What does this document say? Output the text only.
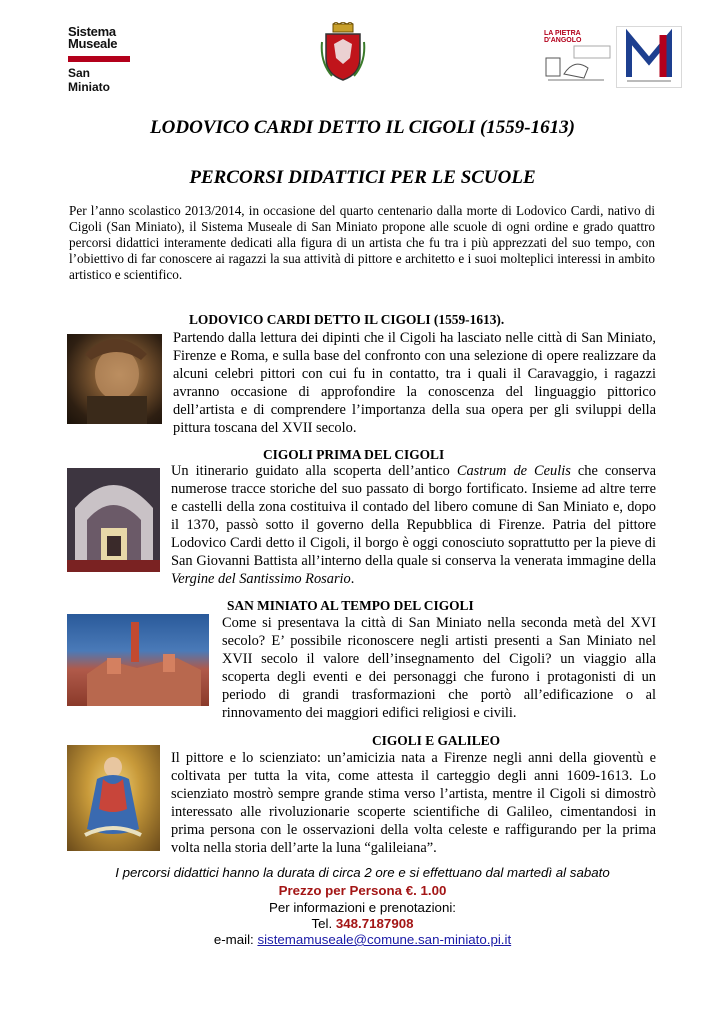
Sistema
Museale
San Miniato
LA PIETRA D'ANGOLO
LODOVICO CARDI DETTO IL CIGOLI (1559-1613)
PERCORSI DIDATTICI PER LE SCUOLE
Per l’anno scolastico 2013/2014, in occasione del quarto centenario dalla morte di Lodovico Cardi, nativo di Cigoli (San Miniato), il Sistema Museale di San Miniato propone alle scuole di ogni ordine e grado quattro percorsi didattici interamente dedicati alla figura di un artista che fu tra i più apprezzati del suo tempo, con l’obiettivo di far conoscere ai ragazzi la sua attività di pittore e architetto e i suoi molteplici interessi in ambito artistico e scientifico.
LODOVICO CARDI DETTO IL CIGOLI (1559-1613).
Partendo dalla lettura dei dipinti che il Cigoli ha lasciato nelle città di San Miniato, Firenze e Roma, e sulla base del confronto con una selezione di opere realizzare da alcuni celebri pittori con cui fu in contatto, tra i quali il Caravaggio, i ragazzi avranno occasione di approfondire la conoscenza del linguaggio pittorico dell’artista e di comprendere l’importanza della sua opera per gli sviluppi della pittura toscana del XVII secolo.
CIGOLI PRIMA DEL CIGOLI
Un itinerario guidato alla scoperta dell’antico Castrum de Ceulis che conserva numerose tracce storiche del suo passato di borgo fortificato. Insieme ad altre terre e castelli della zona costituiva il contado del libero comune di San Miniato e, dopo il 1370, passò sotto il governo della Repubblica di Firenze. Patria del pittore Lodovico Cardi detto il Cigoli, il borgo è oggi conosciuto soprattutto per la pieve di San Giovanni Battista all’interno della quale si conserva la venerata immagine della Vergine del Santissimo Rosario.
SAN MINIATO AL TEMPO DEL CIGOLI
Come si presentava la città di San Miniato nella seconda metà del XVI secolo? E’ possibile riconoscere negli artisti presenti a San Miniato nel XVII secolo il valore dell’insegnamento del Cigoli? un viaggio alla scoperta degli eventi e dei personaggi che furono i protagonisti di un periodo di grandi trasformazioni che portò all’edificazione o al rinnovamento dei maggiori edifici religiosi e civili.
CIGOLI E GALILEO
Il pittore e lo scienziato: un’amicizia nata a Firenze negli anni della gioventù e coltivata per tutta la vita, come attesta il carteggio degli anni 1609-1613. Lo scienziato mostrò sempre grande stima verso l’artista, mentre il Cigoli si dimostrò interessato alle rivoluzionarie scoperte scientifiche di Galileo, cimentandosi in prima persona con le osservazioni della volta celeste e raffigurando per la prima volta nella storia dell’arte la luna “galileiana”.
I percorsi didattici hanno la durata di circa 2 ore e si effettuano dal martedì al sabato
Prezzo per Persona €. 1.00
Per informazioni e prenotazioni:
Tel. 348.7187908
e-mail: sistemamuseale@comune.san-miniato.pi.it
